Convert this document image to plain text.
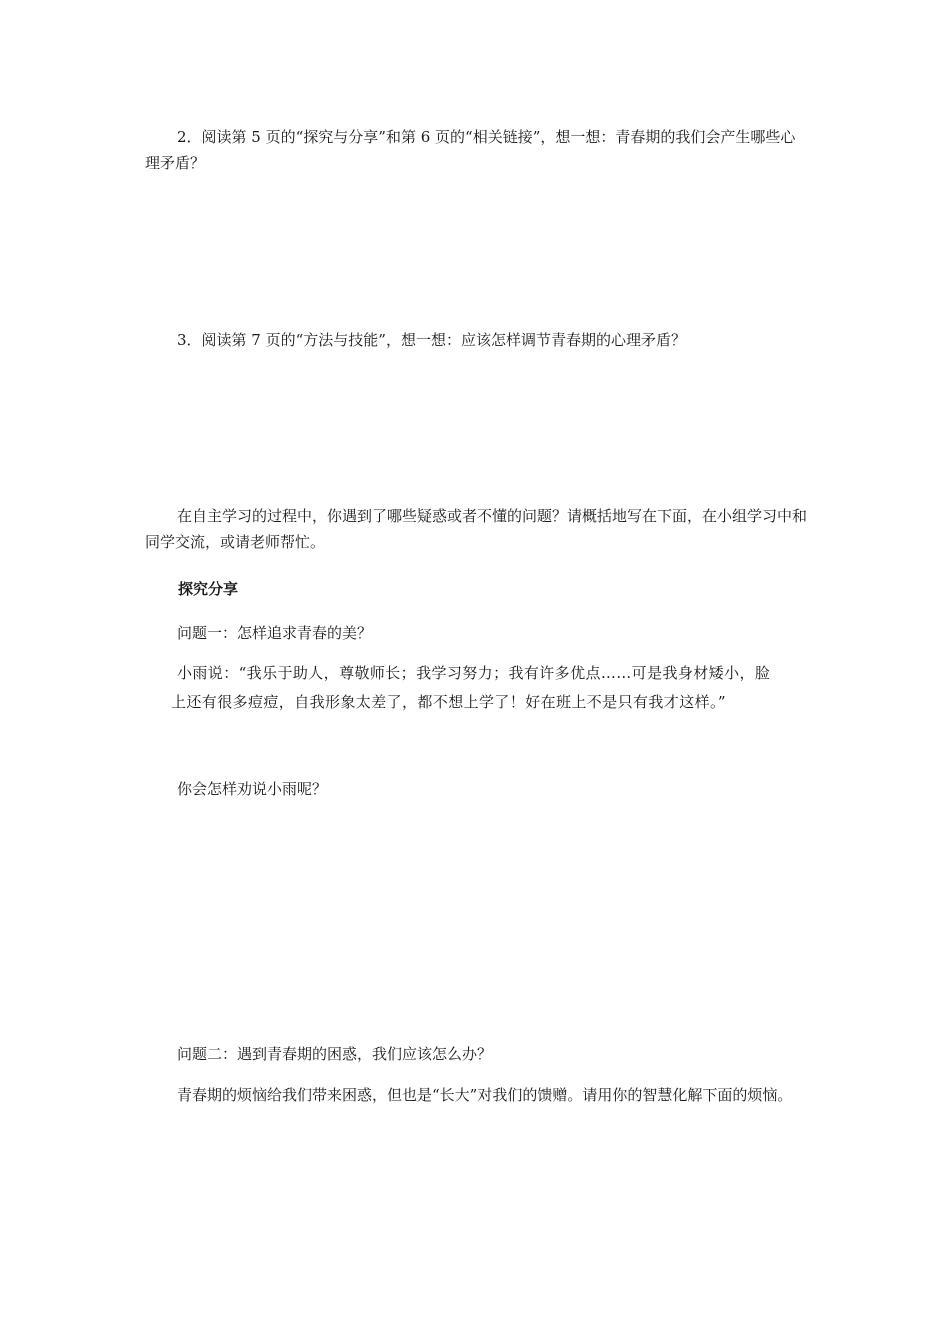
2．阅读第 5 页的“探究与分享”和第 6 页的“相关链接”，想一想：青春期的我们会产生哪些心理矛盾？

3．阅读第 7 页的“方法与技能”，想一想：应该怎样调节青春期的心理矛盾？

在自主学习的过程中，你遇到了哪些疑惑或者不懂的问题？请概括地写在下面，在小组学习中和同学交流，或请老师帮忙。

探究分享

问题一：怎样追求青春的美？

小雨说：“我乐于助人，尊敬师长；我学习努力；我有许多优点……可是我身材矮小，脸
上还有很多痘痘，自我形象太差了，都不想上学了！好在班上不是只有我才这样。”

你会怎样劝说小雨呢？

问题二：遇到青春期的困惑，我们应该怎么办？

青春期的烦恼给我们带来困惑，但也是“长大”对我们的馈赠。请用你的智慧化解下面的烦恼。
